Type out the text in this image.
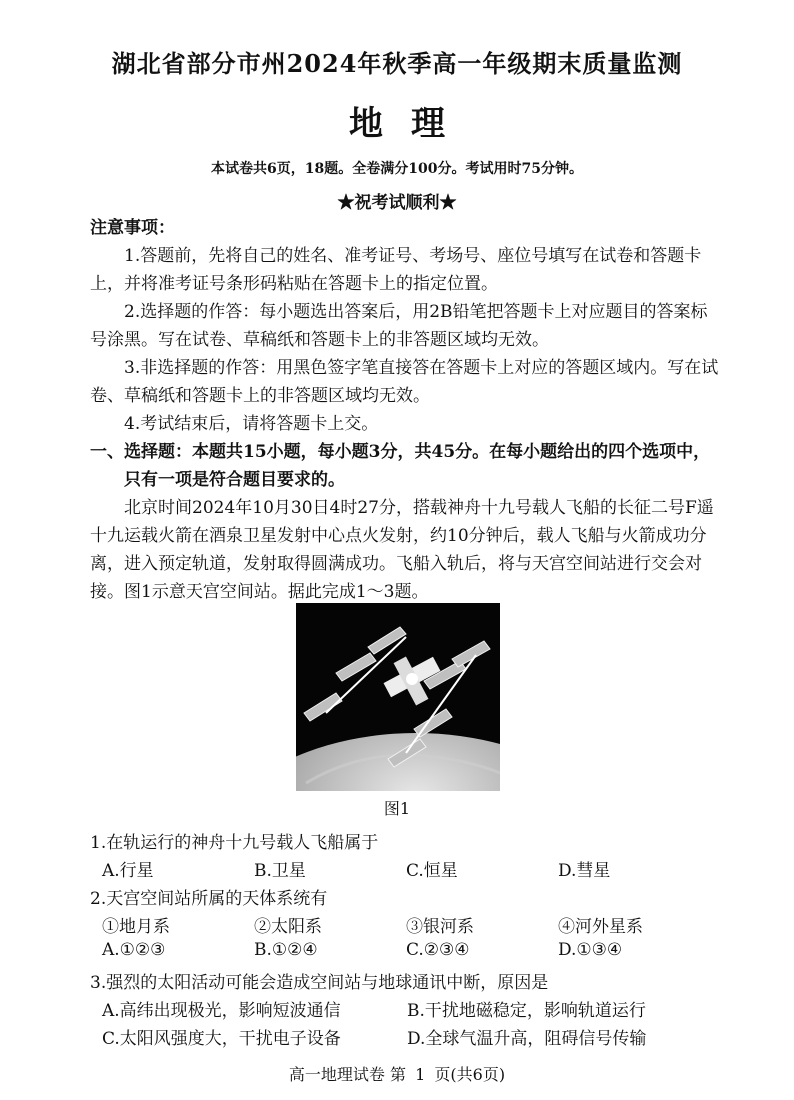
湖北省部分市州2024年秋季高一年级期末质量监测
地理
本试卷共6页，18题。全卷满分100分。考试用时75分钟。
★祝考试顺利★
注意事项：

1.答题前，先将自己的姓名、准考证号、考场号、座位号填写在试卷和答题卡上，并将准考证号条形码粘贴在答题卡上的指定位置。

2.选择题的作答：每小题选出答案后，用2B铅笔把答题卡上对应题目的答案标号涂黑。写在试卷、草稿纸和答题卡上的非答题区域均无效。

3.非选择题的作答：用黑色签字笔直接答在答题卡上对应的答题区域内。写在试卷、草稿纸和答题卡上的非答题区域均无效。

4.考试结束后，请将答题卡上交。

一、选择题：本题共15小题，每小题3分，共45分。在每小题给出的四个选项中，只有一项是符合题目要求的。

北京时间2024年10月30日4时27分，搭载神舟十九号载人飞船的长征二号F遥十九运载火箭在酒泉卫星发射中心点火发射，约10分钟后，载人飞船与火箭成功分离，进入预定轨道，发射取得圆满成功。飞船入轨后，将与天宫空间站进行交会对接。图1示意天宫空间站。据此完成1～3题。

图1
1.在轨运行的神舟十九号载人飞船属于
A.行星	B.卫星	C.恒星	D.彗星
2.天宫空间站所属的天体系统有
①地月系	②太阳系	③银河系	④河外星系
A.①②③	B.①②④	C.②③④	D.①③④
3.强烈的太阳活动可能会造成空间站与地球通讯中断，原因是
A.高纬出现极光，影响短波通信	B.干扰地磁稳定，影响轨道运行
C.太阳风强度大，干扰电子设备	D.全球气温升高，阻碍信号传输
高一地理试卷 第 1 页(共6页)
